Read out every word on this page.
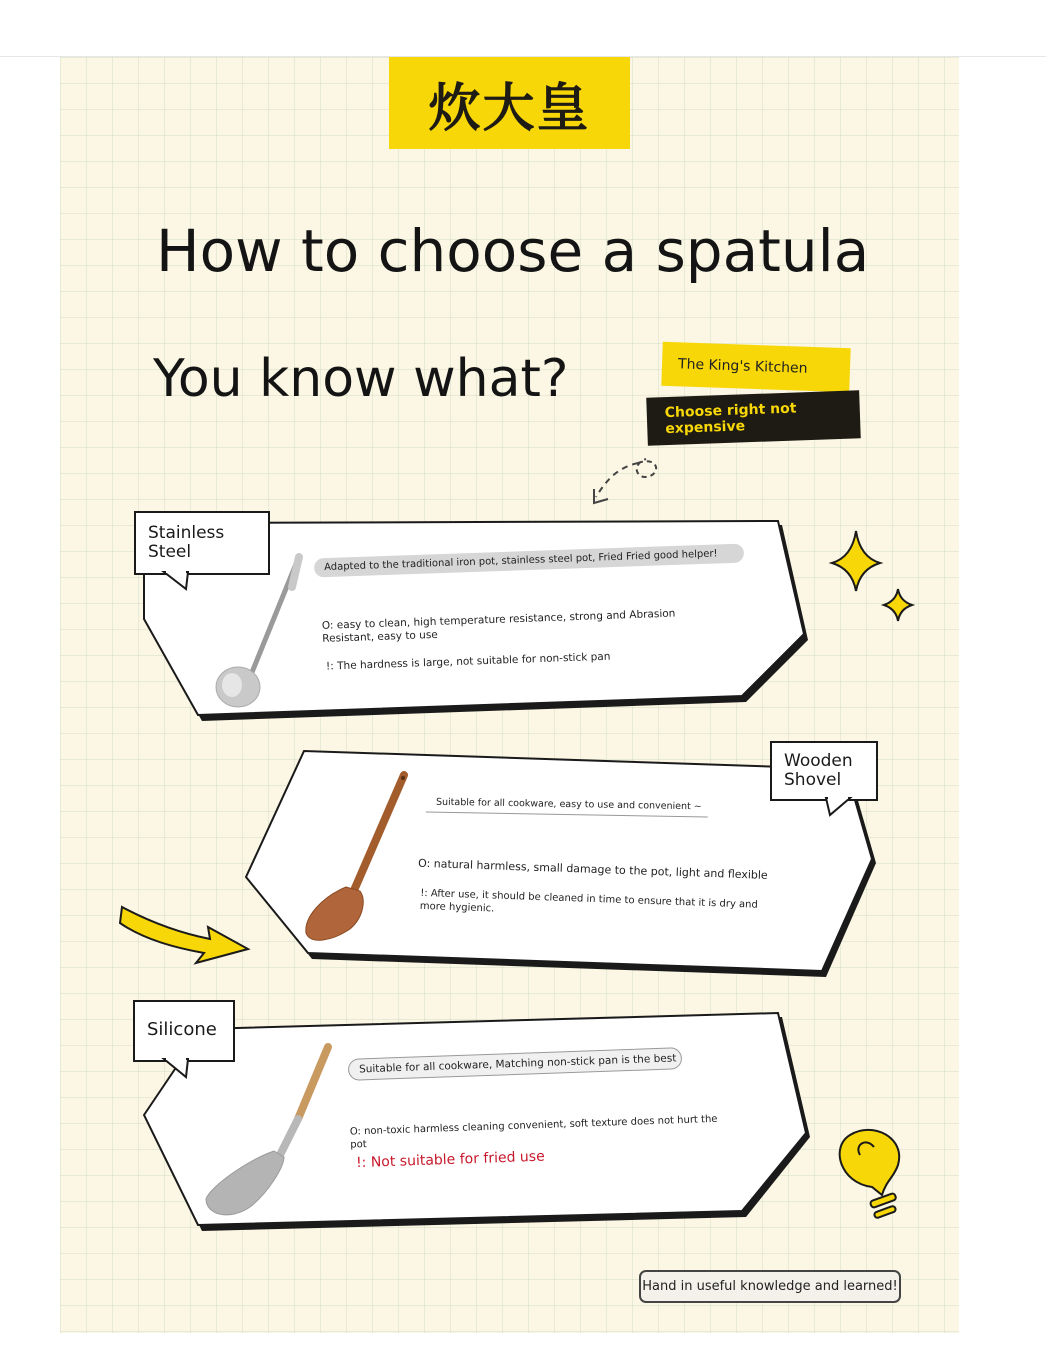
炊大皇
How to choose a spatula
You know what?	The King's Kitchen
Choose right not expensive
Stainless Steel	Adapted to the traditional iron pot, stainless steel pot, Fried Fried good helper!
O: easy to clean, high temperature resistance, strong and Abrasion Resistant, easy to use
!: The hardness is large, not suitable for non-stick pan
Wooden Shovel
Suitable for all cookware, easy to use and convenient ~
O: natural harmless, small damage to the pot, light and flexible
!: After use, it should be cleaned in time to ensure that it is dry and more hygienic.
Silicone
Suitable for all cookware, Matching non-stick pan is the best
O: non-toxic harmless cleaning convenient, soft texture does not hurt the pot
!: Not suitable for fried use
Hand in useful knowledge and learned!
